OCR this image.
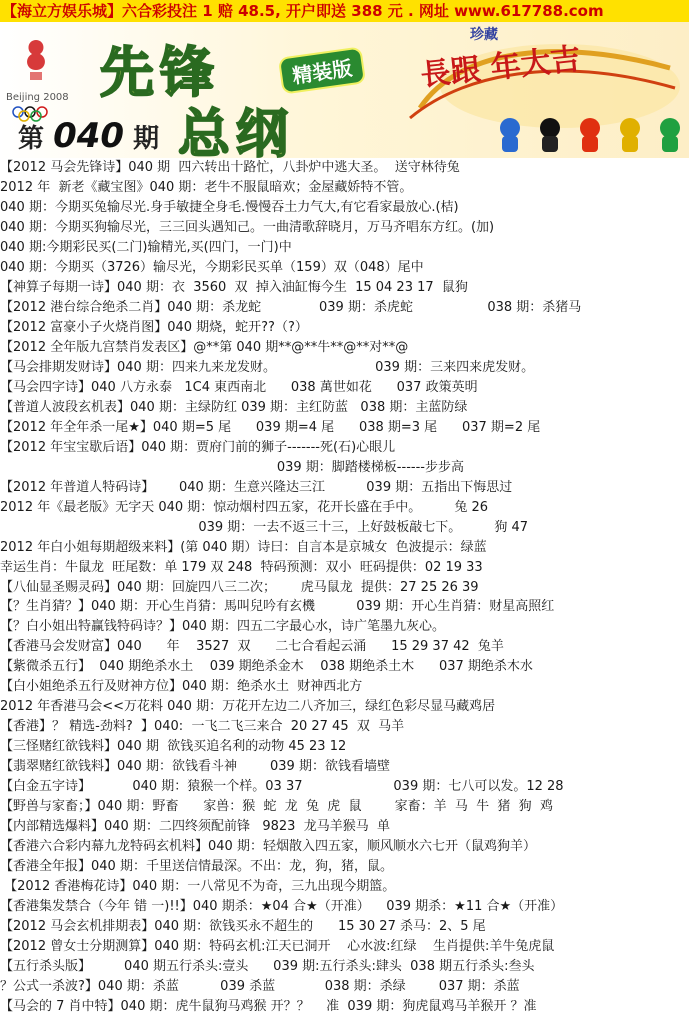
【海立方娱乐城】六合彩投注 1 赔 48.5, 开户即送 388 元 . 网址 www.617788.com
Beijing 2008 先锋	精装版
总纲
第 040 期
珍藏
長跟 年大吉
【2012 马会先锋诗】040 期  四六转出十路忙，八卦炉中逃大圣。  送守林待兔
2012 年  新老《藏宝图》040 期：老牛不服鼠暗欢；金屋藏娇特不管。
040 期：今期买兔输尽光.身手敏捷全身毛.慢慢吞土力气大,有它看家最放心.(桔)
040 期：今期买狗输尽光，三三回头遇知己。一曲清歌辞晓月，万马齐唱东方红。(加)
040 期:今期彩民买(二门)输精光,买(四门，一门)中
040 期：今期买（3726）输尽光，今期彩民买单（159）双（048）尾中
【神算子每期一诗】040 期：衣  3560  双  掉入油缸悔今生  15 04 23 17  鼠狗
【2012 港台综合绝杀二肖】040 期：杀龙蛇              039 期：杀虎蛇                  038 期：杀猪马
【2012 富豪小子火烧肖图】040 期烧，蛇开??（?）
【2012 全年版九宫禁肖发表区】@**第 040 期**@**牛**@**对**@
【马会排期发财诗】040 期：四来九来龙发财。                        039 期：三来四来虎发财。
【马会四字诗】040 八方永泰   1C4 東西南北      038 萬世如花      037 政策英明
【普道人波段玄机表】040 期：主绿防红 039 期：主红防蓝   038 期：主蓝防绿
【2012 年全年杀一尾★】040 期=5 尾      039 期=4 尾      038 期=3 尾      037 期=2 尾
【2012 年宝宝歇后语】040 期：贾府门前的狮子-------死(石)心眼儿
039 期：脚踏楼梯板------步步高
【2012 年普道人特码诗】      040 期：生意兴隆达三江          039 期：五指出下悔思过
2012 年《最老版》无字天 040 期：惊动烟村四五家，花开长盛在手中。        兔 26
039 期：一去不返三十三，上好鼓板敲七下。        狗 47
2012 年白小姐每期超级来料】(第 040 期）诗曰：自言本是京城女  色波提示：绿蓝
幸运生肖：牛鼠龙  旺尾数：单 179 双 248  特码预测：双小  旺码提供：02 19 33
【八仙显圣赐灵码】040 期：回旋四八三二次；      虎马鼠龙  提供：27 25 26 39
【？生肖猜？】040 期：开心生肖猜：馬叫兒吟有玄機          039 期：开心生肖猜：财星高照红
【？白小姐出特赢钱特码诗？】040 期：四五二字最心水，诗广笔墨九灰心。
【香港马会发财富】040      年    3527  双      二七合看起云涌      15 29 37 42  兔羊
【紫微杀五行】  040 期绝杀水土    039 期绝杀金木    038 期绝杀土木      037 期绝杀木水
【白小姐绝杀五行及财神方位】040 期：绝杀水土  财神西北方
2012 年香港马会<<万花料 040 期：万花开左边二八齐加三，绿红色彩尽显马藏鸡居
【香港】？ 精选-劲料?  】040:  一飞二飞三来合  20 27 45  双  马羊
【三怪赌红欲钱料】040 期  欲钱买追名利的动物 45 23 12
【翡翠赌红欲钱料】040 期：欲钱看斗神        039 期：欲钱看墙壁
【白金五字诗】          040 期：猿猴一个样。03 37                      039 期：七八可以发。12 28
【野兽与家畜；】040 期：野畜      家兽：猴  蛇  龙  兔  虎  鼠        家畜：羊  马  牛  猪  狗  鸡
【内部精选爆料】040 期：二四终须配前锋   9823  龙马羊猴马  单
【香港六合彩内幕九龙特码玄机料】040 期：轻烟散入四五家，顺风顺水六七开（鼠鸡狗羊）
【香港全年报】040 期：千里送信情最深。不出：龙，狗，猪，鼠。
【2012 香港梅花诗】040 期：一八常见不为奇，三九出现今期篮。
【香港集发禁合（今年 错 一)!!】040 期杀：★04 合★（开准）    039 期杀：★11 合★（开准）
【2012 马会玄机排期表】040 期：欲钱买永不超生的      15 30 27 杀马：2、5 尾
【2012 曾女士分期测算】040 期：特码玄机:江天已洞开    心水波:红绿    生肖提供:羊牛兔虎鼠
【五行杀头版】        040 期五行杀头:壹头      039 期:五行杀头:肆头  038 期五行杀头:叁头
？公式一杀波?】040 期：杀蓝          039 杀蓝            038 期：杀绿        037 期：杀蓝
【马会的 7 肖中特】040 期：虎牛鼠狗马鸡猴 开？？    准  039 期：狗虎鼠鸡马羊猴开 ？准
